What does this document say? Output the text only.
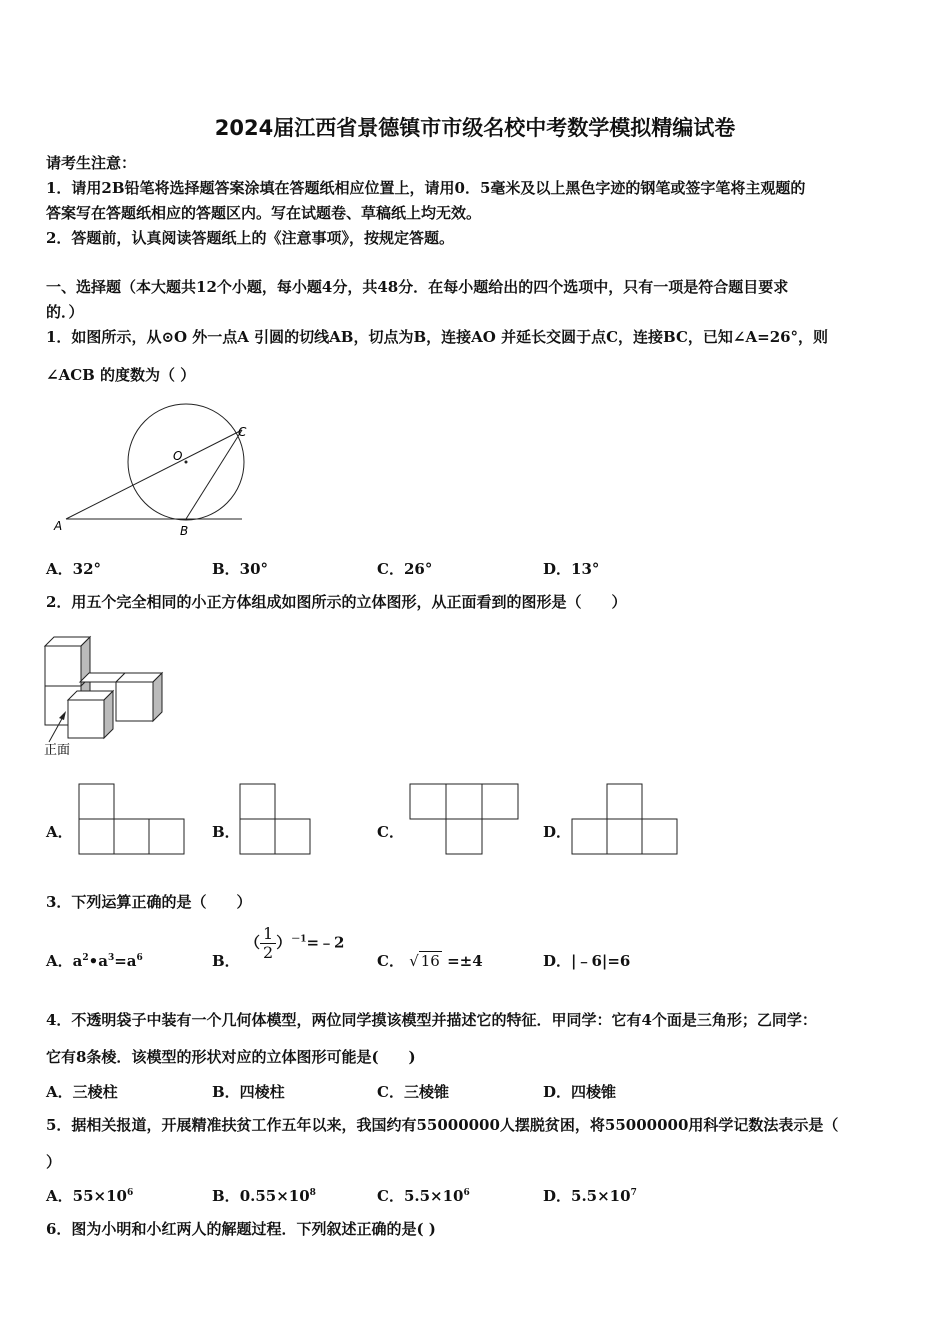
2024届江西省景德镇市市级名校中考数学模拟精编试卷
请考生注意：
1．请用2B铅笔将选择题答案涂填在答题纸相应位置上，请用0．5毫米及以上黑色字迹的钢笔或签字笔将主观题的
答案写在答题纸相应的答题区内。写在试题卷、草稿纸上均无效。
2．答题前，认真阅读答题纸上的《注意事项》，按规定答题。
一、选择题（本大题共12个小题，每小题4分，共48分．在每小题给出的四个选项中，只有一项是符合题目要求
的．）
1．如图所示，从⊙O 外一点A 引圆的切线AB，切点为B，连接AO 并延长交圆于点C，连接BC，已知∠A=26°，则
∠ACB 的度数为（ ）
O
A	B
C
A．32°	B．30°	C．26°	D．13°
2．用五个完全相同的小正方体组成如图所示的立体图形，从正面看到的图形是（　　）
正面
A．	B．	C．	D．
3．下列运算正确的是（　　）
A．$a^2•a^3=a^6$	B．
（ $\frac{1}{2}$ ）$^{-1}$=﹣2
C． √ 16 =±4	D．|﹣6|=6
4．不透明袋子中装有一个几何体模型，两位同学摸该模型并描述它的特征．甲同学：它有4个面是三角形；乙同学：
它有8条棱．该模型的形状对应的立体图形可能是(　　)
A．三棱柱	B．四棱柱	C．三棱锥	D．四棱锥
5．据相关报道，开展精准扶贫工作五年以来，我国约有55000000人摆脱贫困，将55000000用科学记数法表示是（
）
A．$55\times 10^6$	B．$0.55\times 10^8$	C．$5.5\times 10^6$	D．$5.5\times 10^7$
6．图为小明和小红两人的解题过程．下列叙述正确的是( )
